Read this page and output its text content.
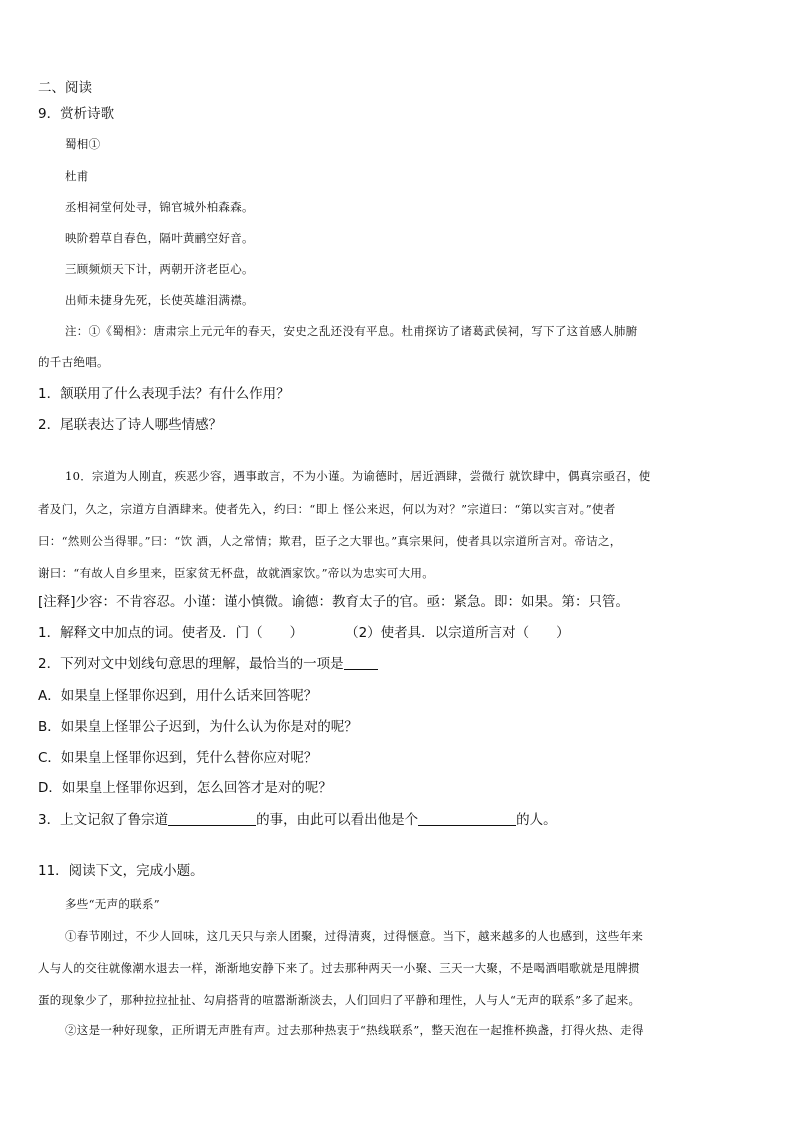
二、阅读
9．赏析诗歌
蜀相①
杜甫
丞相祠堂何处寻，锦官城外柏森森。
映阶碧草自春色，隔叶黄鹂空好音。
三顾频烦天下计，两朝开济老臣心。
出师未捷身先死，长使英雄泪满襟。
注：①《蜀相》：唐肃宗上元元年的春天，安史之乱还没有平息。杜甫探访了诸葛武侯祠，写下了这首感人肺腑
的千古绝唱。
1．颔联用了什么表现手法？有什么作用？
2．尾联表达了诗人哪些情感？
10．宗道为人刚直，疾恶少容，遇事敢言，不为小谨。为谕德时，居近酒肆，尝微行 就饮肆中，偶真宗亟召，使
者及门，久之，宗道方自酒肆来。使者先入，约曰：“即上 怪公来迟，何以为对？”宗道曰：“第以实言对。”使者
曰：“然则公当得罪。”曰：“饮 酒，人之常情；欺君，臣子之大罪也。”真宗果问，使者具以宗道所言对。帝诘之，
谢曰：“有故人自乡里来，臣家贫无杯盘，故就酒家饮。”帝以为忠实可大用。
[注释]少容：不肯容忍。小谨：谨小慎微。谕德：教育太子的官。亟：紧急。即：如果。第：只管。
1．解释文中加点的词。使者及．门（　　）	（2）使者具．以宗道所言对（　　）
2．下列对文中划线句意思的理解，最恰当的一项是
A．如果皇上怪罪你迟到，用什么话来回答呢？
B．如果皇上怪罪公子迟到，为什么认为你是对的呢？
C．如果皇上怪罪你迟到，凭什么替你应对呢？
D．如果皇上怪罪你迟到，怎么回答才是对的呢？
3．上文记叙了鲁宗道	的事，由此可以看出他是个	的人。
11．阅读下文，完成小题。
多些“无声的联系”
①春节刚过，不少人回味，这几天只与亲人团聚，过得清爽，过得惬意。当下，越来越多的人也感到，这些年来
人与人的交往就像潮水退去一样，渐渐地安静下来了。过去那种两天一小聚、三天一大聚，不是喝酒唱歌就是甩牌掼
蛋的现象少了，那种拉拉扯扯、勾肩搭背的喧嚣渐渐淡去，人们回归了平静和理性，人与人“无声的联系”多了起来。
②这是一种好现象，正所谓无声胜有声。过去那种热衷于“热线联系”，整天泡在一起推杯换盏，打得火热、走得
